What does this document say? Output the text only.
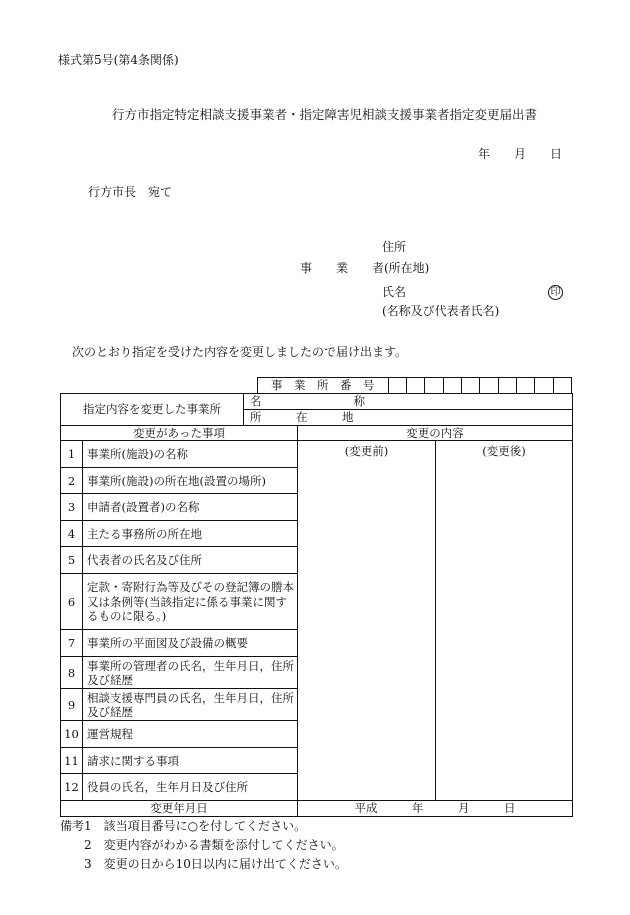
様式第5号(第4条関係)
行方市指定特定相談支援事業者・指定障害児相談支援事業者指定変更届出書
年　　月　　日
行方市長　宛て
住所
事　　業　　者(所在地)
氏名	印
(名称及び代表者氏名)
次のとおり指定を受けた内容を変更しましたので届け出ます。
	事　業　所　番　号										
指定内容を変更した事業所	名　　　　　　　　称
所　　　在　　　地
変更があった事項		変更の内容	
1	事業所(施設)の名称	(変更前)	(変更後)
2	事業所(施設)の所在地(設置の場所)		
3	申請者(設置者)の名称		
4	主たる事務所の所在地		
5	代表者の氏名及び住所		
6	定款・寄附行為等及びその登記簿の謄本又は条例等(当該指定に係る事業に関するものに限る。)		
7	事業所の平面図及び設備の概要		
8	事業所の管理者の氏名，生年月日，住所及び経歴		
9	相談支援専門員の氏名，生年月日，住所及び経歴		
10	運営規程		
11	請求に関する事項		
12	役員の氏名，生年月日及び住所		
変更年月日		平成　　　年　　　月　　　日	
備考1　該当項目番号に○を付してください。
2　変更内容がわかる書類を添付してください。
3　変更の日から10日以内に届け出てください。
